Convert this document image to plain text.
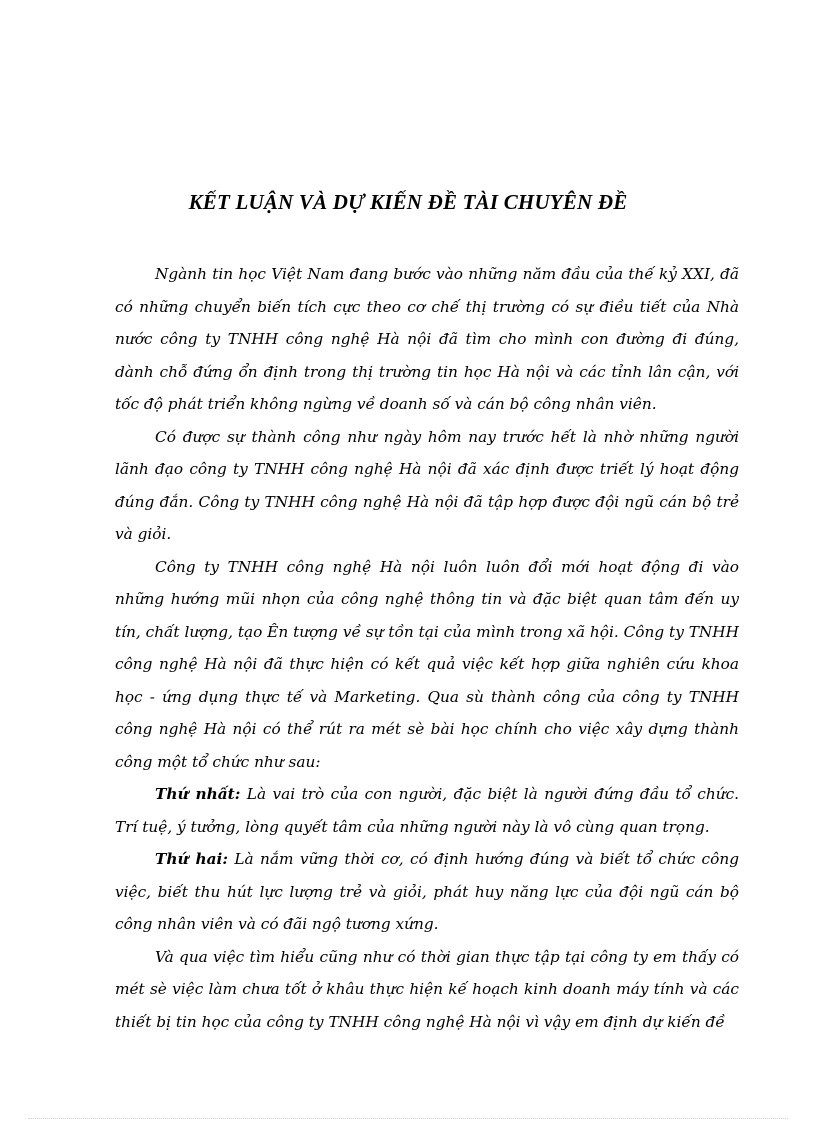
KẾT LUẬN VÀ DỰ KIẾN ĐỀ TÀI CHUYÊN ĐỀ

Ngành tin học Việt Nam đang bước vào những năm đầu của thế kỷ XXI, đã có những chuyển biến tích cực theo cơ chế thị trường có sự điều tiết của Nhà nước công ty TNHH công nghệ Hà nội đã tìm cho mình con đường đi đúng, dành chỗ đứng ổn định trong thị trường tin học Hà nội và các tỉnh lân cận, với tốc độ phát triển không ngừng về doanh số và cán bộ công nhân viên.

Có được sự thành công như ngày hôm nay trước hết là nhờ những người lãnh đạo công ty TNHH công nghệ Hà nội đã xác định được triết lý hoạt động đúng đắn. Công ty TNHH công nghệ Hà nội đã tập hợp được đội ngũ cán bộ trẻ và giỏi.

Công ty TNHH công nghệ Hà nội luôn luôn đổi mới hoạt động đi vào những hướng mũi nhọn của công nghệ thông tin và đặc biệt quan tâm đến uy tín, chất lượng, tạo Ên tượng về sự tồn tại của mình trong xã hội. Công ty TNHH công nghệ Hà nội đã thực hiện có kết quả việc kết hợp giữa nghiên cứu khoa học - ứng dụng thực tế và Marketing. Qua sù thành công của công ty TNHH công nghệ Hà nội có thể rút ra mét sè bài học chính cho việc xây dựng thành công một tổ chức như sau:

Thứ nhất: Là vai trò của con người, đặc biệt là người đứng đầu tổ chức. Trí tuệ, ý tưởng, lòng quyết tâm của những người này là vô cùng quan trọng.

Thứ hai: Là nắm vững thời cơ, có định hướng đúng và biết tổ chức công việc, biết thu hút lực lượng trẻ và giỏi, phát huy năng lực của đội ngũ cán bộ công nhân viên và có đãi ngộ tương xứng.

Và qua việc tìm hiểu cũng như có thời gian thực tập tại công ty em thấy có mét sè việc làm chưa tốt ở khâu thực hiện kế hoạch kinh doanh máy tính và các thiết bị tin học của công ty TNHH công nghệ Hà nội vì vậy em định dự kiến đề
